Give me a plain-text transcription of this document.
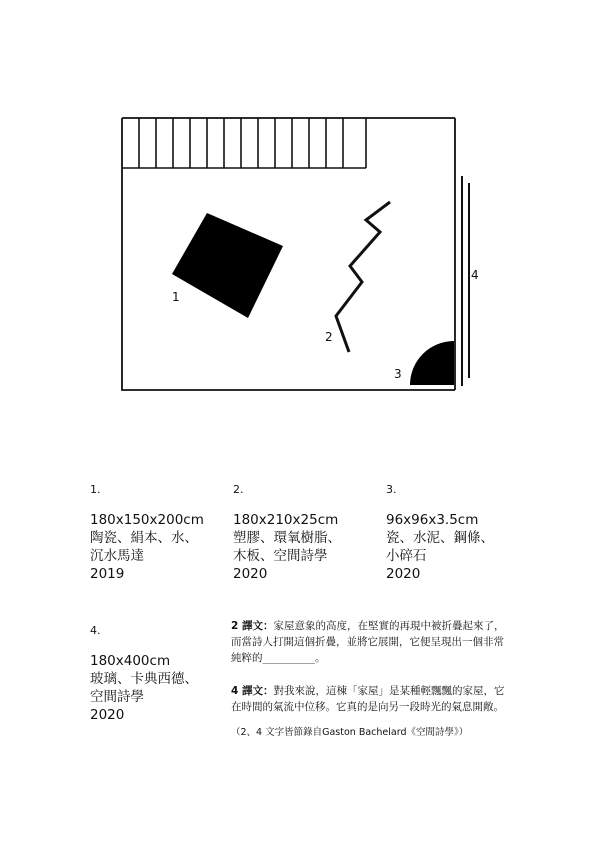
1
2
3
4
1.
180x150x200cm
陶瓷、絹本、水、
沉水馬達
2019
2.
180x210x25cm
塑膠、環氧樹脂、
木板、空間詩學
2020
3.
96x96x3.5cm
瓷、水泥、鋼條、
小碎石
2020
4.
180x400cm
玻璃、卡典西德、
空間詩學
2020

2 譯文：家屋意象的高度，在堅實的再現中被折疊起來了，

而當詩人打開這個折疊，並將它展開，它便呈現出一個非常

純粹的__________。

4 譯文：對我來說，這棟「家屋」是某種輕飄飄的家屋，它

在時間的氣流中位移。它真的是向另一段時光的氣息開敞。

（2、4 文字皆節錄自Gaston Bachelard《空間詩學》）
